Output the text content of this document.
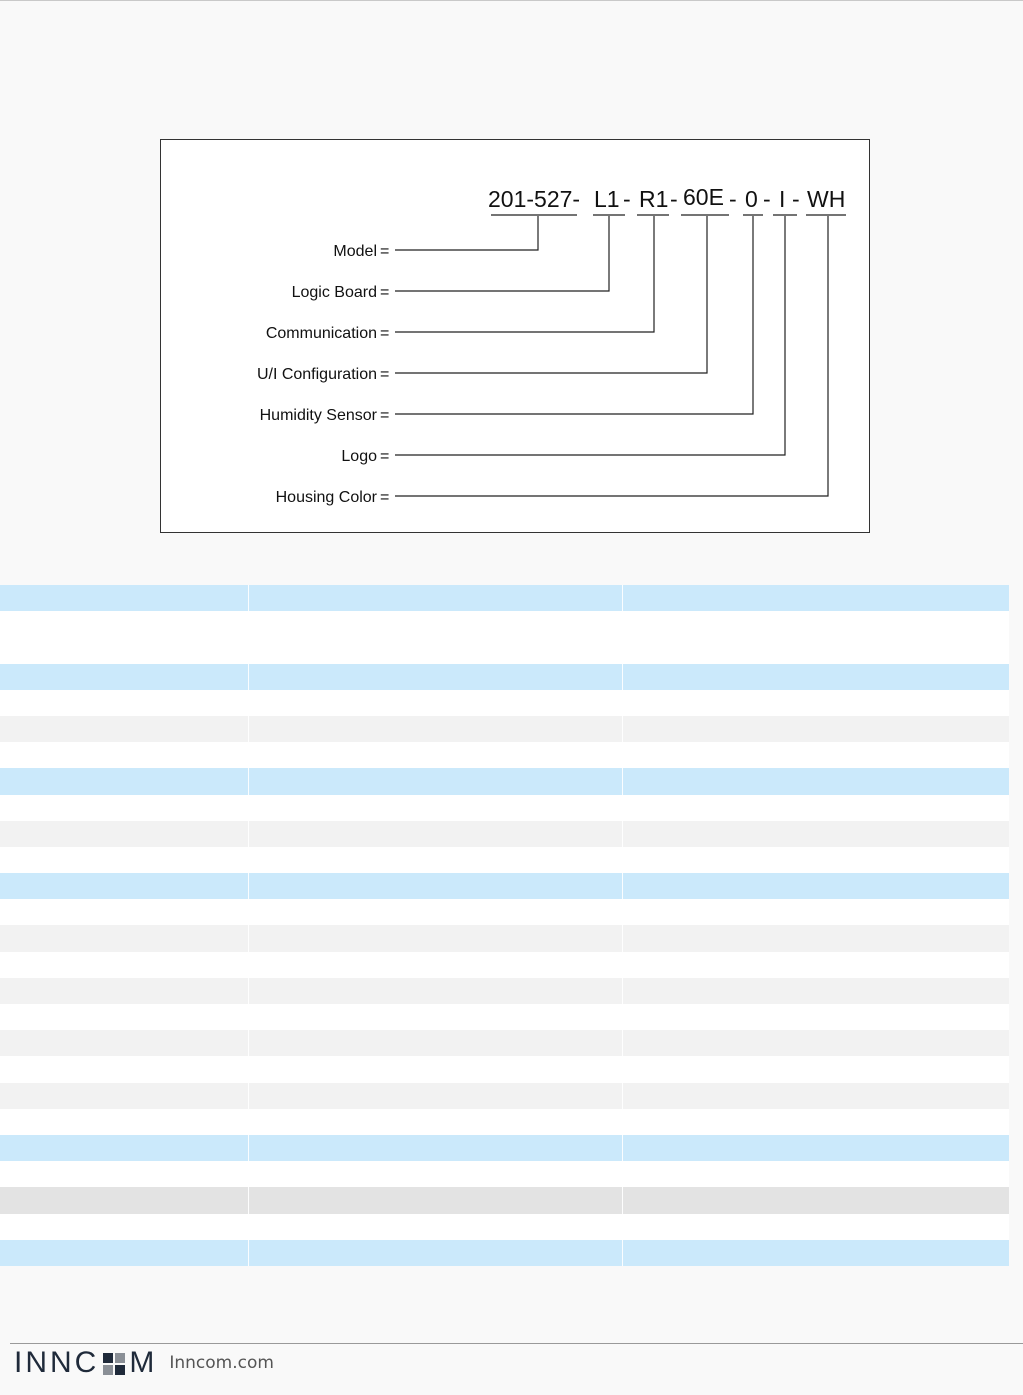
201-527- L1 - R1 - 60E - 0 - I - WH
Model =
Logic Board =
Communication =
U/I Configuration =
Humidity Sensor =
Logo =
Housing Color =
INNC M Inncom.com
